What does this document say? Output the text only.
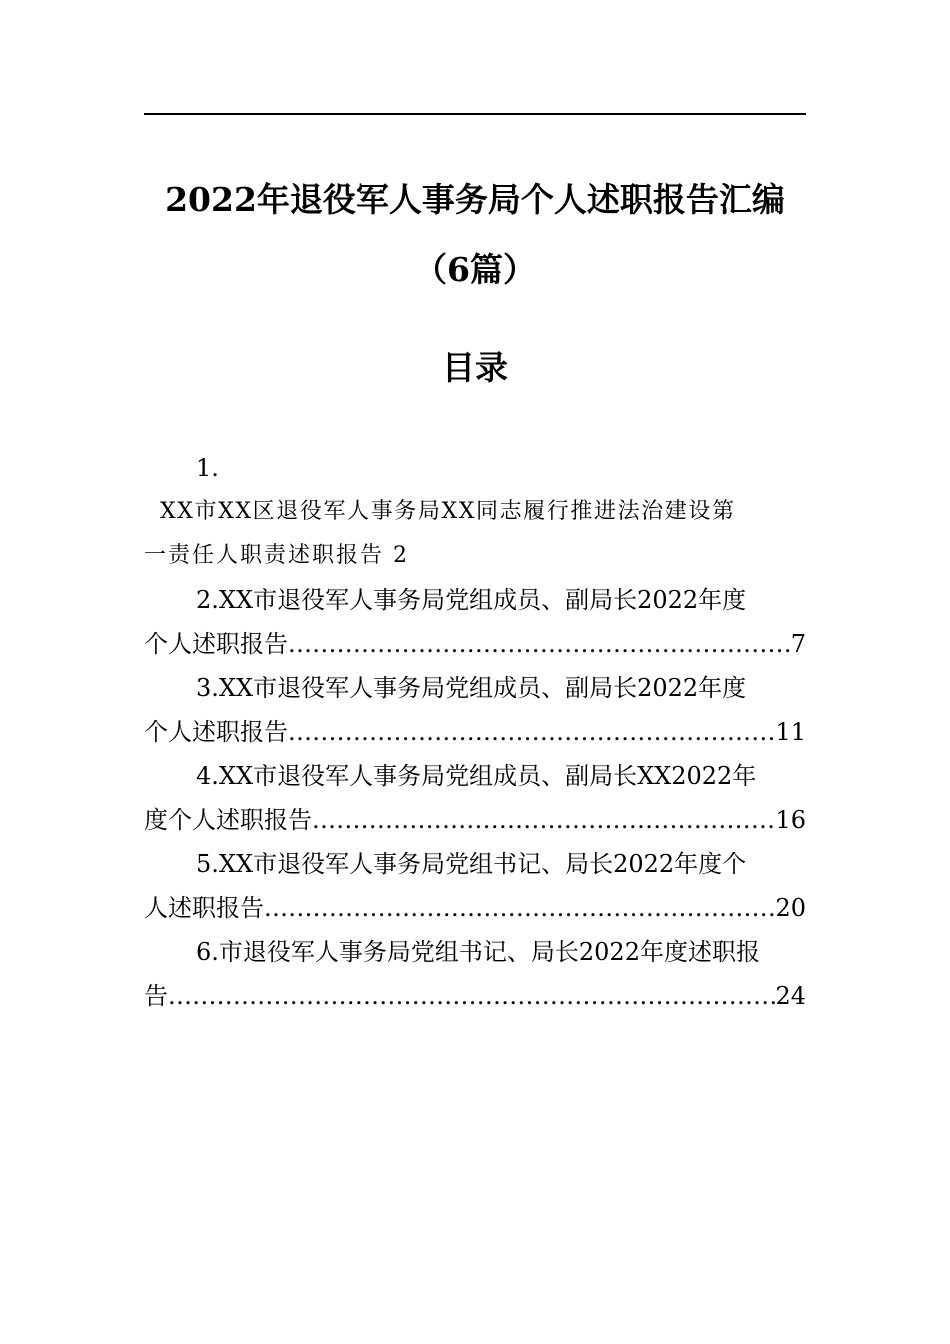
2022年退役军人事务局个人述职报告汇编
（6篇）
目录
1.
XX市XX区退役军人事务局XX同志履行推进法治建设第
一责任人职责述职报告 2
2.XX市退役军人事务局党组成员、副局长2022年度
个人述职报告 .....	7
3.XX市退役军人事务局党组成员、副局长2022年度
个人述职报告 .....	11
4.XX市退役军人事务局党组成员、副局长XX2022年
度个人述职报告 .....	16
5.XX市退役军人事务局党组书记、局长2022年度个
人述职报告 .....	20
6.市退役军人事务局党组书记、局长2022年度述职报
告 .....	24
